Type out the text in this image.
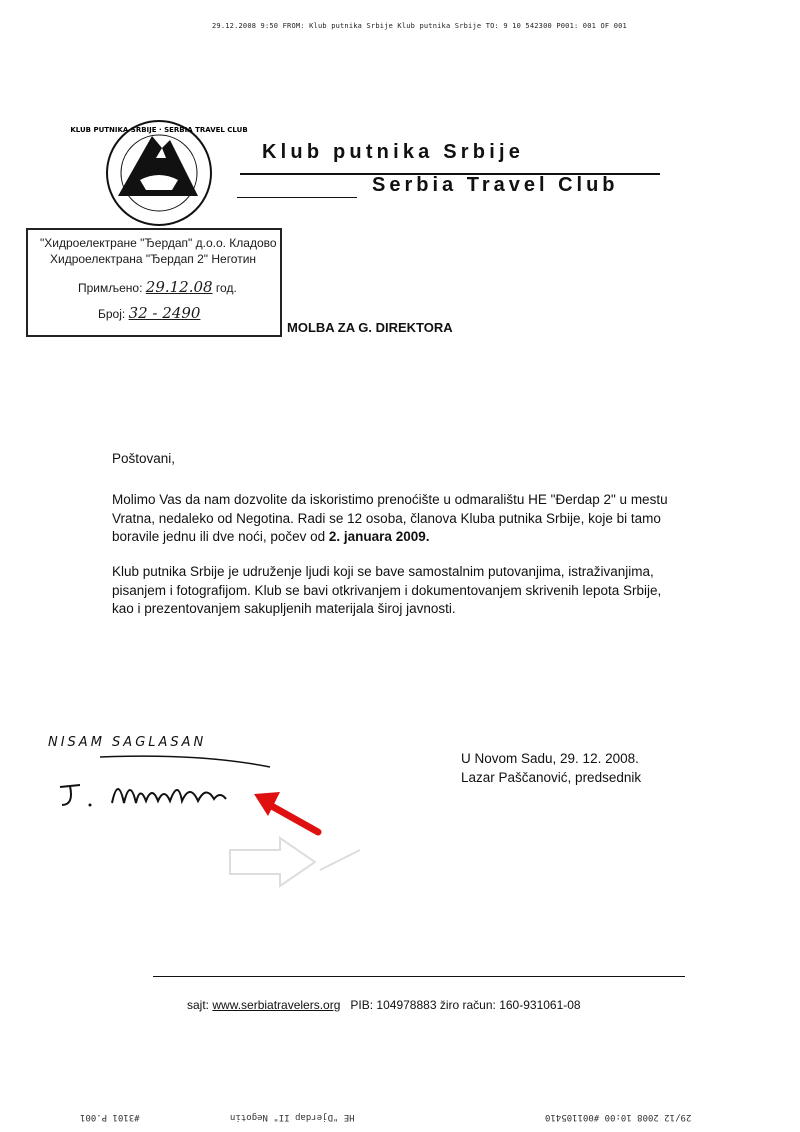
29.12.2008 9:50 FROM: Klub putnika Srbije Klub putnika Srbije TO: 9 10 542300 P001: 001 OF 001
KLUB PUTNIKA SRBIJE · SERBIA TRAVEL CLUB
Klub putnika Srbije
Serbia Travel Club
"Хидроелектране "Ђердап" д.о.о. Кладово
Хидроелектрана "Ђердап 2" Неготин
Примљено: 29.12.08 год.
Број: 32 - 2490
MOLBA ZA G. DIREKTORA
Poštovani,
Molimo Vas da nam dozvolite da iskoristimo prenoćište u odmaralištu HE "Đerdap 2" u mestu Vratna, nedaleko od Negotina. Radi se 12 osoba, članova Kluba putnika Srbije, koje bi tamo boravile jednu ili dve noći, počev od 2. januara 2009.
Klub putnika Srbije je udruženje ljudi koji se bave samostalnim putovanjima, istraživanjima, pisanjem i fotografijom. Klub se bavi otkrivanjem i dokumentovanjem skrivenih lepota Srbije, kao i prezentovanjem sakupljenih materijala široj javnosti.
NISAM SAGLASAN
J. Mustur
U Novom Sadu, 29. 12. 2008.
Lazar Paščanović, predsednik
sajt: www.serbiatravelers.org PIB: 104978883 žiro račun: 160-931061-08
#3101 P.001	HE "Djerdap II" Negotin	29/12 2008 10:00 #001105410
